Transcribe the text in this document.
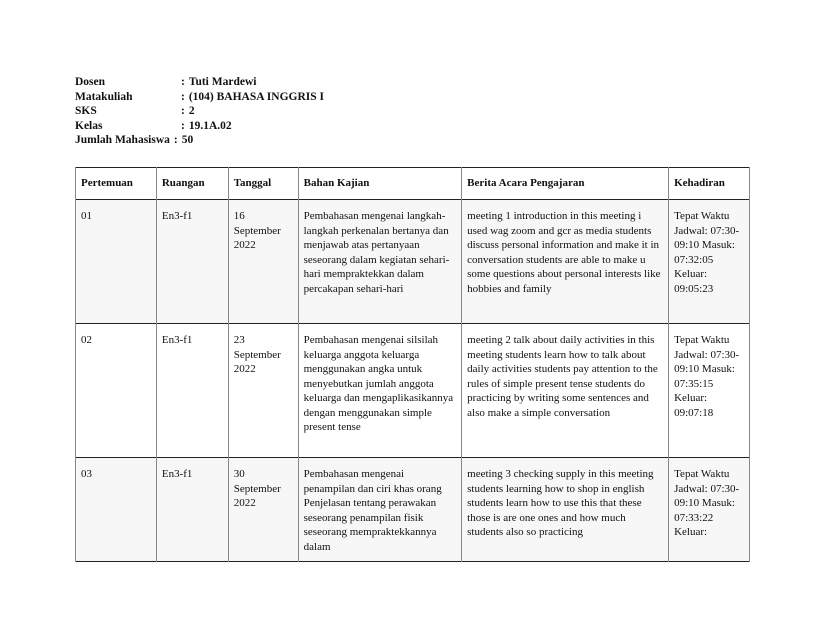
Dosen	: Tuti Mardewi
Matakuliah	: (104) BAHASA INGGRIS I
SKS	: 2
Kelas	: 19.1A.02
Jumlah Mahasiswa : 50
Pertemuan	Ruangan	Tanggal	Bahan Kajian	Berita Acara Pengajaran	Kehadiran
01	En3-f1	16 September 2022	Pembahasan mengenai langkah-langkah perkenalan bertanya dan menjawab atas pertanyaan seseorang dalam kegiatan sehari-hari mempraktekkan dalam percakapan sehari-hari	meeting 1 introduction in this meeting i used wag zoom and gcr as media students discuss personal information and make it in conversation students are able to make u some questions about personal interests like hobbies and family	Tepat Waktu Jadwal: 07:30-09:10 Masuk: 07:32:05 Keluar: 09:05:23
02	En3-f1	23 September 2022	Pembahasan mengenai silsilah keluarga anggota keluarga menggunakan angka untuk menyebutkan jumlah anggota keluarga dan mengaplikasikannya dengan menggunakan simple present tense	meeting 2 talk about daily activities in this meeting students learn how to talk about daily activities students pay attention to the rules of simple present tense students do practicing by writing some sentences and also make a simple conversation	Tepat Waktu Jadwal: 07:30-09:10 Masuk: 07:35:15 Keluar: 09:07:18
03	En3-f1	30 September 2022	Pembahasan mengenai penampilan dan ciri khas orang Penjelasan tentang perawakan seseorang penampilan fisik seseorang mempraktekkannya dalam	meeting 3 checking supply in this meeting students learning how to shop in english students learn how to use this that these those is are one ones and how much students also so practicing	Tepat Waktu Jadwal: 07:30-09:10 Masuk: 07:33:22 Keluar:
